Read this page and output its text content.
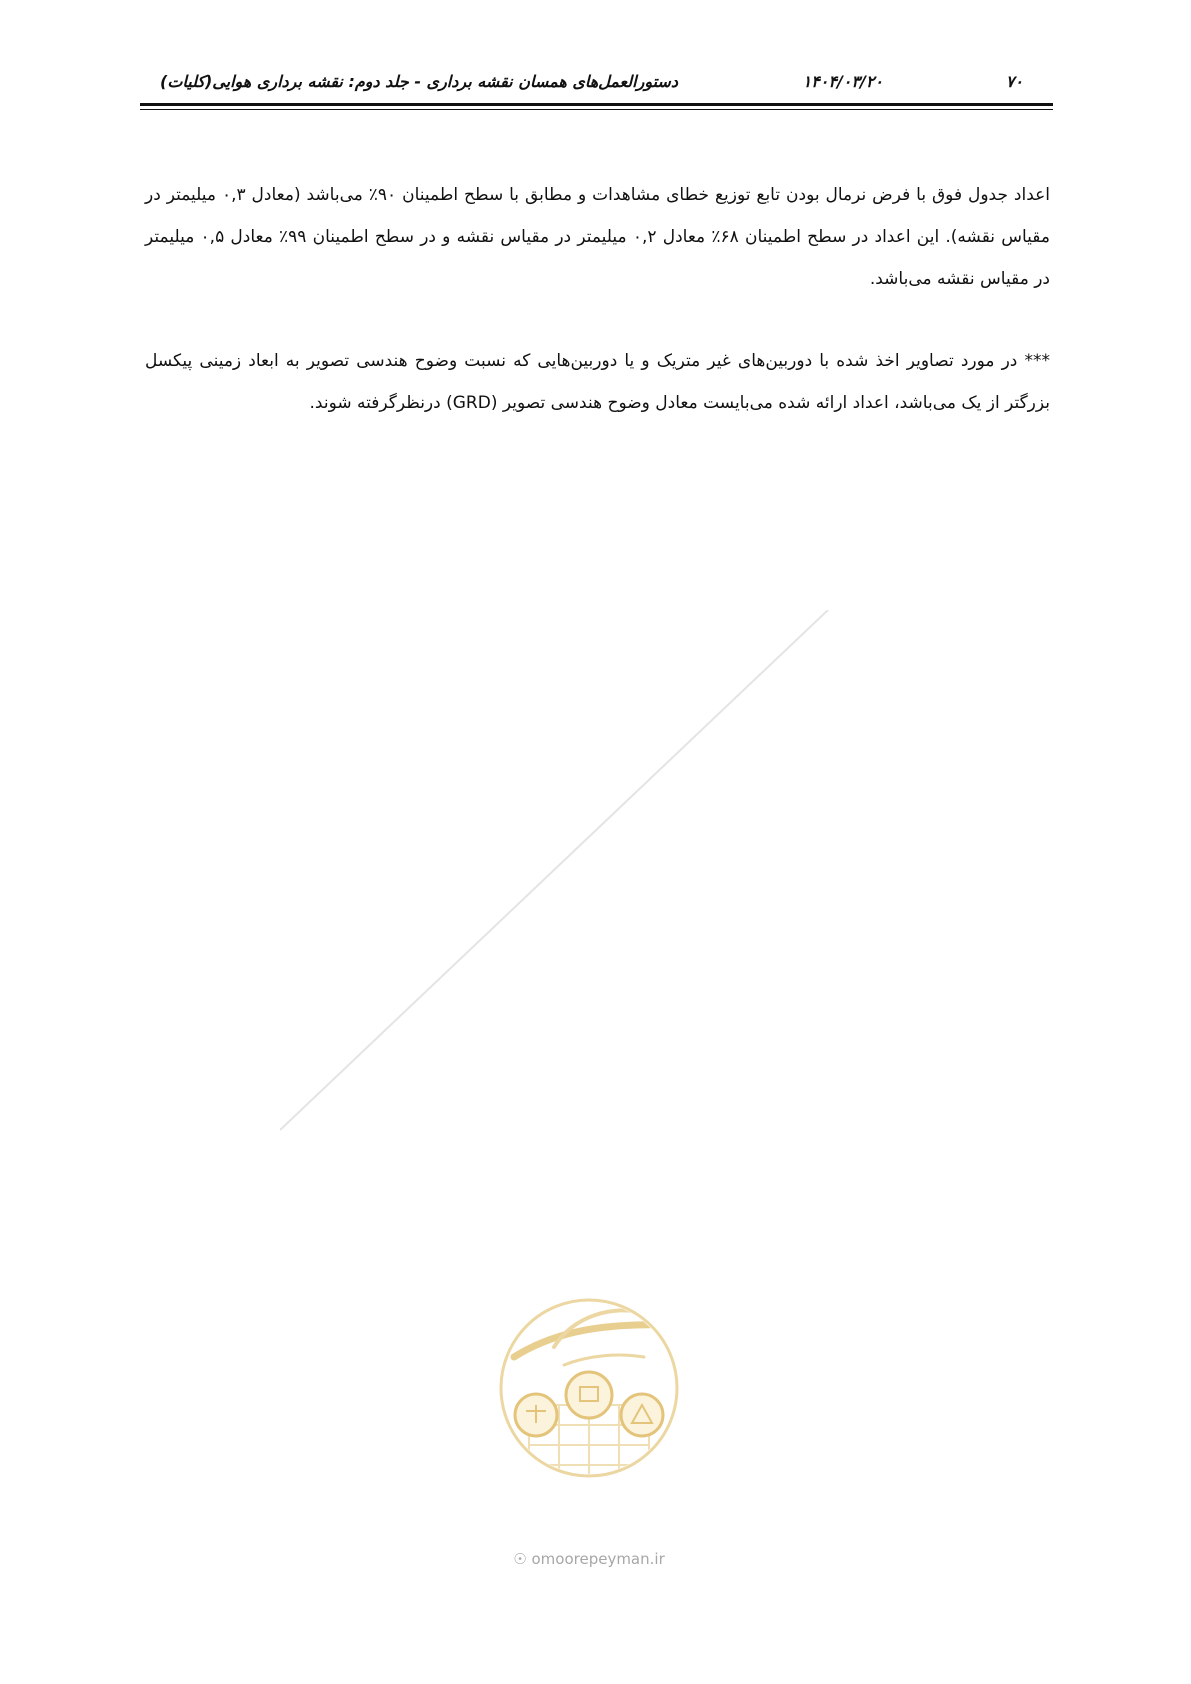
۷۰
۱۴۰۴/۰۳/۲۰
دستورالعمل‌های همسان نقشه برداری - جلد دوم: نقشه برداری هوایی(کلیات)

اعداد جدول فوق با فرض نرمال بودن تابع توزیع خطای مشاهدات و مطابق با سطح اطمینان ۹۰٪ می‌باشد (معادل ۰,۳ میلیمتر در مقیاس نقشه). این اعداد در سطح اطمینان ۶۸٪ معادل ۰,۲ میلیمتر در مقیاس نقشه و در سطح اطمینان ۹۹٪ معادل ۰,۵ میلیمتر در مقیاس نقشه می‌باشد.

*** در مورد تصاویر اخذ شده با دوربین‌های غیر متریک و یا دوربین‌هایی که نسبت وضوح هندسی تصویر به ابعاد زمینی پیکسل بزرگتر از یک می‌باشد، اعداد ارائه شده می‌بایست معادل وضوح هندسی تصویر (GRD) درنظرگرفته شوند.

☉ omoorepeyman.ir
